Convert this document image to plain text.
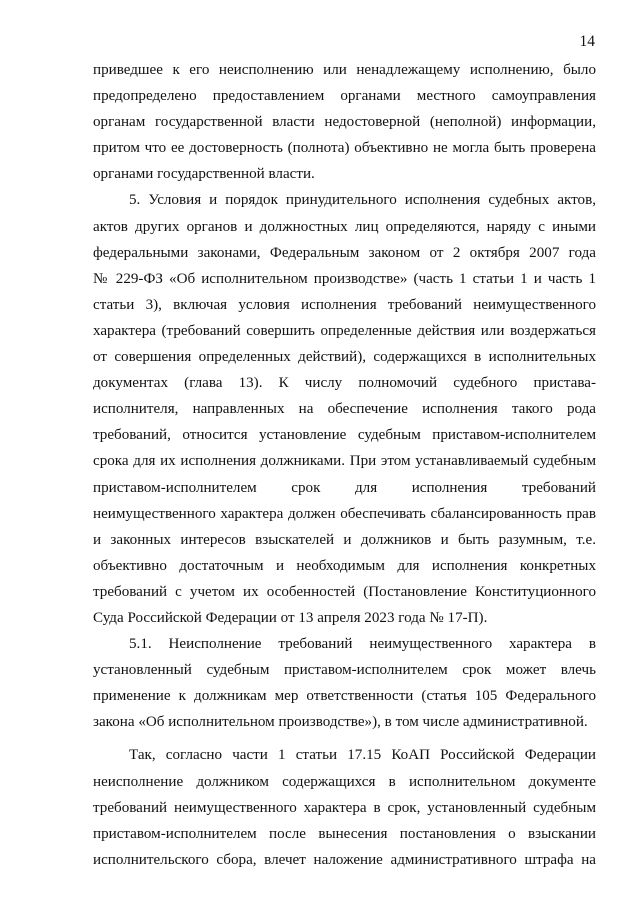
14
приведшее к его неисполнению или ненадлежащему исполнению, было
предопределено предоставлением органами местного самоуправления
органам государственной власти недостоверной (неполной) информации,
притом что ее достоверность (полнота) объективно не могла быть проверена
органами государственной власти.
5. Условия и порядок принудительного исполнения судебных актов,
актов других органов и должностных лиц определяются, наряду с иными
федеральными законами, Федеральным законом от 2 октября 2007 года
№ 229-ФЗ «Об исполнительном производстве» (часть 1 статьи 1 и часть 1
статьи 3), включая условия исполнения требований неимущественного
характера (требований совершить определенные действия или воздержаться
от совершения определенных действий), содержащихся в исполнительных
документах (глава 13). К числу полномочий судебного пристава-
исполнителя, направленных на обеспечение исполнения такого рода
требований, относится установление судебным приставом-исполнителем
срока для их исполнения должниками. При этом устанавливаемый судебным
приставом-исполнителем срок для исполнения требований
неимущественного характера должен обеспечивать сбалансированность прав
и законных интересов взыскателей и должников и быть разумным, т.е.
объективно достаточным и необходимым для исполнения конкретных
требований с учетом их особенностей (Постановление Конституционного
Суда Российской Федерации от 13 апреля 2023 года № 17-П).
5.1. Неисполнение требований неимущественного характера в
установленный судебным приставом-исполнителем срок может влечь
применение к должникам мер ответственности (статья 105 Федерального
закона «Об исполнительном производстве»), в том числе административной.
Так, согласно части 1 статьи 17.15 КоАП Российской Федерации
неисполнение должником содержащихся в исполнительном документе
требований неимущественного характера в срок, установленный судебным
приставом-исполнителем после вынесения постановления о взыскании
исполнительского сбора, влечет наложение административного штрафа на
